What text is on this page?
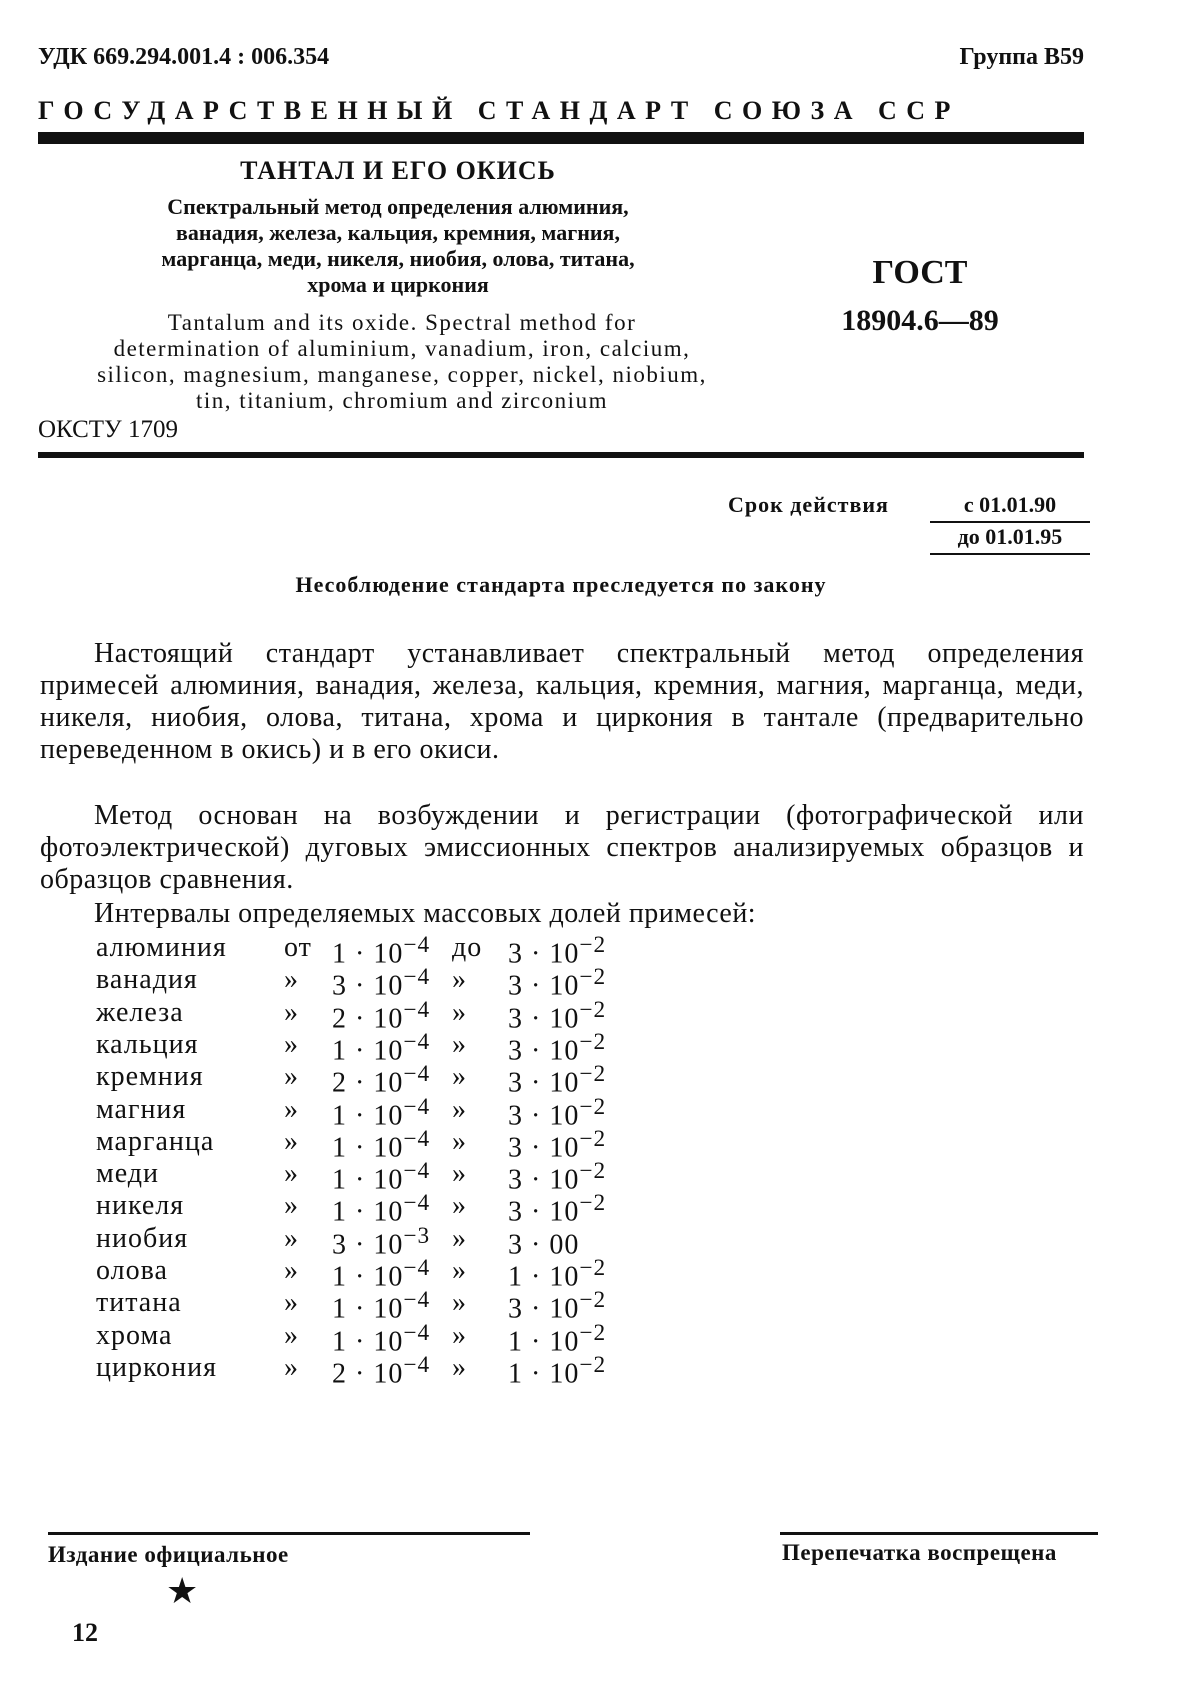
УДК 669.294.001.4 : 006.354	Группа В59
ГОСУДАРСТВЕННЫЙ СТАНДАРТ СОЮЗА ССР
ТАНТАЛ И ЕГО ОКИСЬ
Спектральный метод определения алюминия,
ванадия, железа, кальция, кремния, магния,
марганца, меди, никеля, ниобия, олова, титана,
хрома и циркония
Tantalum and its oxide. Spectral method for
determination of aluminium, vanadium, iron, calcium,
silicon, magnesium, manganese, copper, nickel, niobium,
tin, titanium, chromium and zirconium
ГОСТ
18904.6—89
ОКСТУ 1709
Срок действия	с 01.01.90
до 01.01.95
Несоблюдение стандарта преследуется по закону

Настоящий стандарт устанавливает спектральный метод определения примесей алюминия, ванадия, железа, кальция, кремния, магния, марганца, меди, никеля, ниобия, олова, титана, хрома и циркония в тантале (предварительно переведенном в окись) и в его окиси.

Метод основан на возбуждении и регистрации (фотографической или фотоэлектрической) дуговых эмиссионных спектров анализируемых образцов и образцов сравнения.

Интервалы определяемых массовых долей примесей:
алюминия от $1 \cdot 10^{-4}$ до $3 \cdot 10^{-2}$
ванадия	» $3 \cdot 10^{-4}$ » $3 \cdot 10^{-2}$
железа	» $2 \cdot 10^{-4}$ » $3 \cdot 10^{-2}$
кальция	» $1 \cdot 10^{-4}$ » $3 \cdot 10^{-2}$
кремния	» $2 \cdot 10^{-4}$ » $3 \cdot 10^{-2}$
магния	» $1 \cdot 10^{-4}$ » $3 \cdot 10^{-2}$
марганца » $1 \cdot 10^{-4}$ » $3 \cdot 10^{-2}$
меди	» $1 \cdot 10^{-4}$ » $3 \cdot 10^{-2}$
никеля	» $1 \cdot 10^{-4}$ » $3 \cdot 10^{-2}$
ниобия	» $3 \cdot 10^{-3}$ » 3 · 00
олова	» $1 \cdot 10^{-4}$ » $1 \cdot 10^{-2}$
титана	» $1 \cdot 10^{-4}$ » $3 \cdot 10^{-2}$
хрома	» $1 \cdot 10^{-4}$ » $1 \cdot 10^{-2}$
циркония » $2 \cdot 10^{-4}$ » $1 \cdot 10^{-2}$
Издание официальное	Перепечатка воспрещена
★
12
